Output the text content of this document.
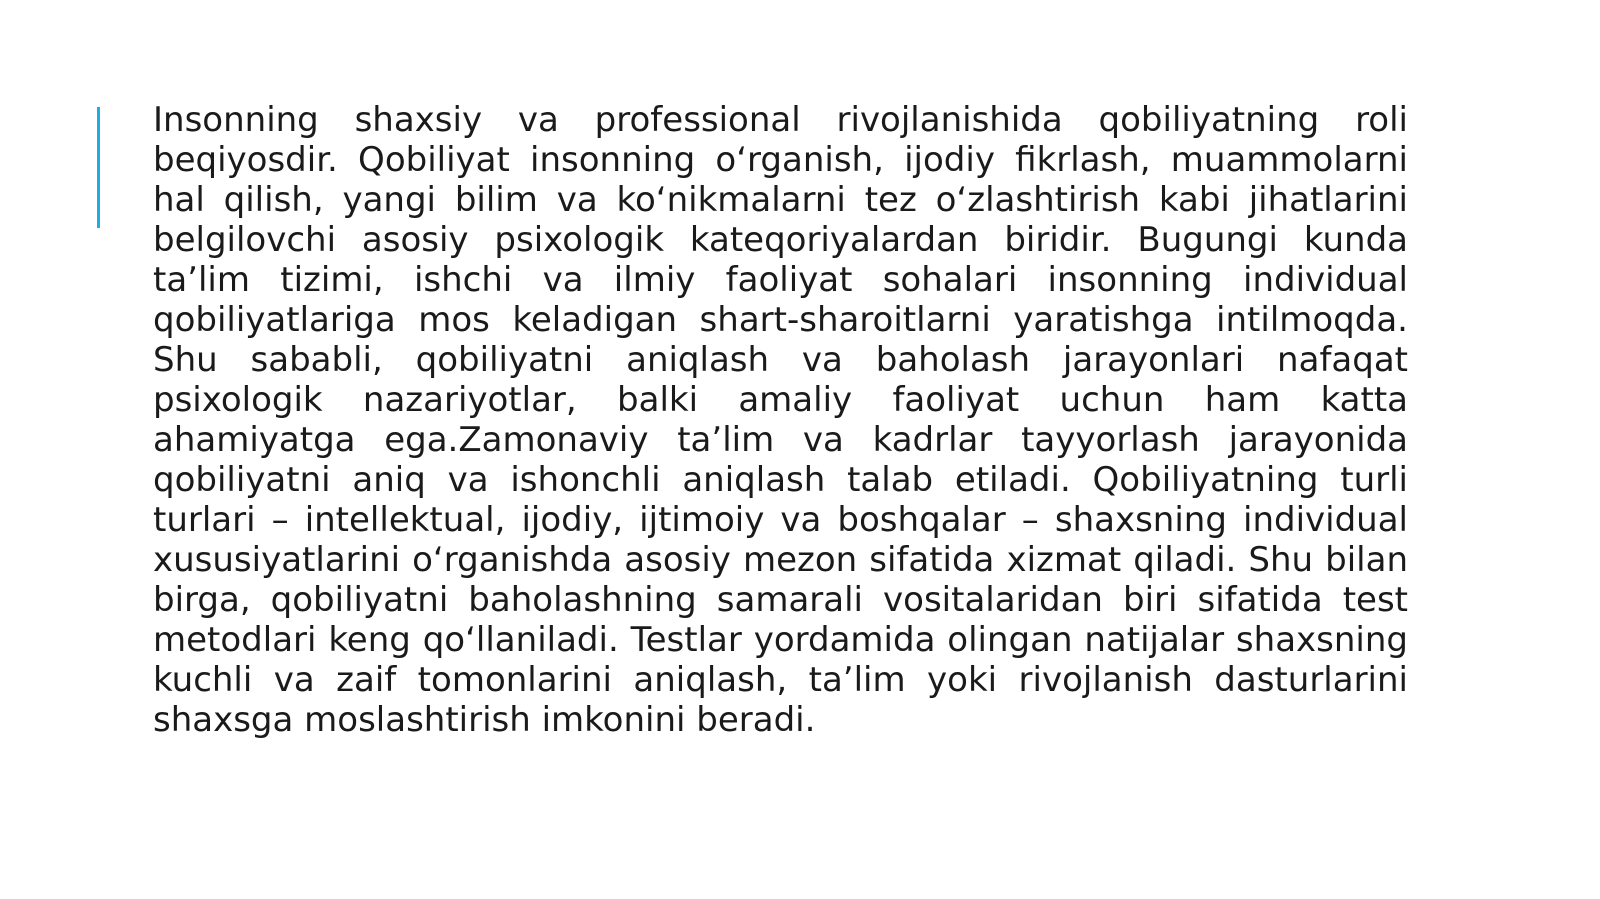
Insonning shaxsiy va professional rivojlanishida qobiliyatning roli beqiyosdir. Qobiliyat insonning o‘rganish, ijodiy fikrlash, muammolarni hal qilish, yangi bilim va ko‘nikmalarni tez o‘zlashtirish kabi jihatlarini belgilovchi asosiy psixologik kateqoriyalardan biridir. Bugungi kunda ta’lim tizimi, ishchi va ilmiy faoliyat sohalari insonning individual qobiliyatlariga mos keladigan shart-sharoitlarni yaratishga intilmoqda. Shu sababli, qobiliyatni aniqlash va baholash jarayonlari nafaqat psixologik nazariyotlar, balki amaliy faoliyat uchun ham katta ahamiyatga ega.Zamonaviy ta’lim va kadrlar tayyorlash jarayonida qobiliyatni aniq va ishonchli aniqlash talab etiladi. Qobiliyatning turli turlari – intellektual, ijodiy, ijtimoiy va boshqalar – shaxsning individual xususiyatlarini o‘rganishda asosiy mezon sifatida xizmat qiladi. Shu bilan birga, qobiliyatni baholashning samarali vositalaridan biri sifatida test metodlari keng qo‘llaniladi. Testlar yordamida olingan natijalar shaxsning kuchli va zaif tomonlarini aniqlash, ta’lim yoki rivojlanish dasturlarini shaxsga moslashtirish imkonini beradi.
